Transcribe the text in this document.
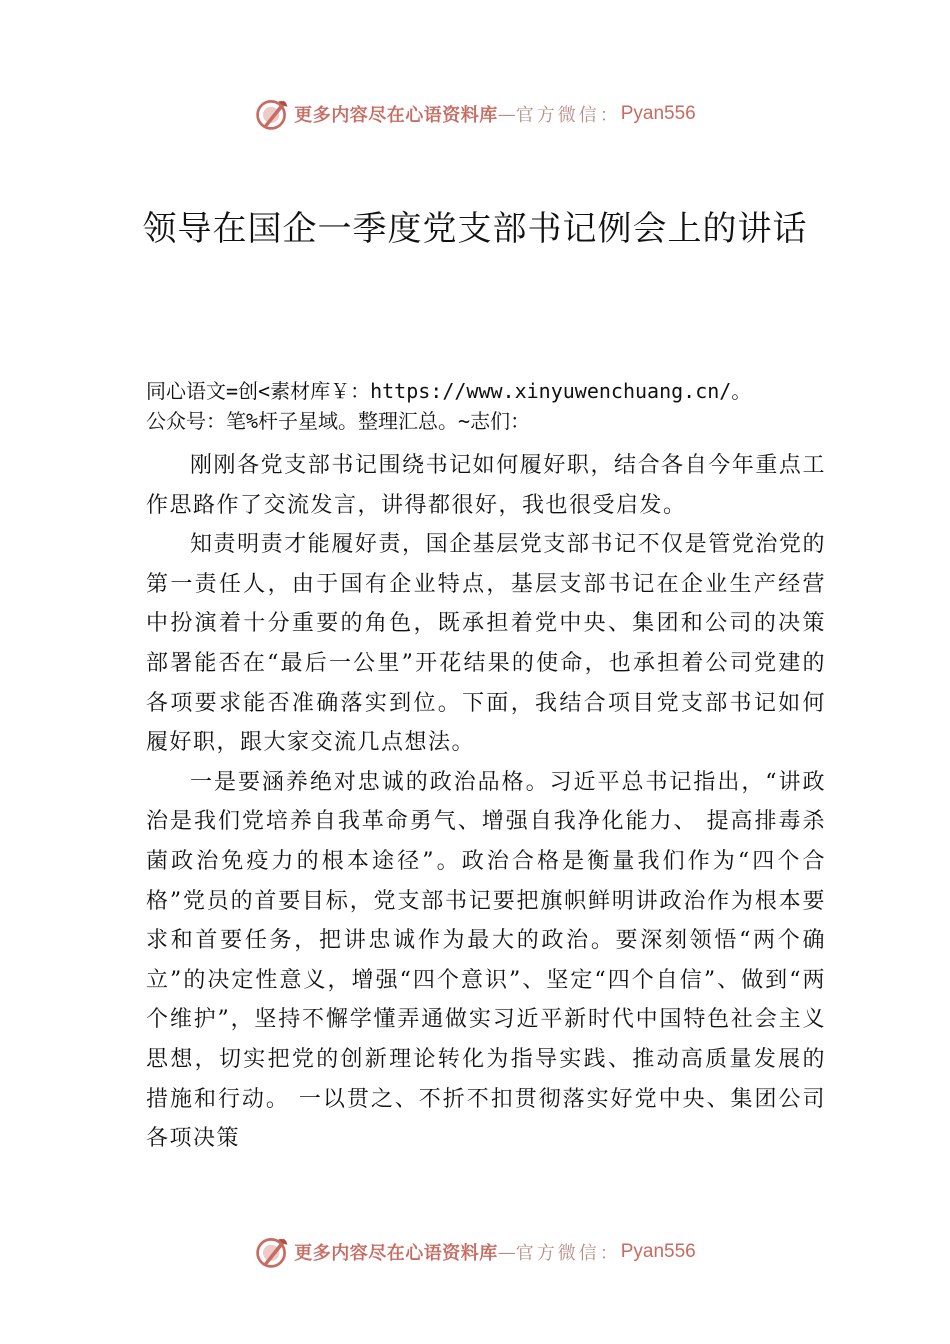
更多内容尽在心语资料库 — 官方微信： Pyan556
领导在国企一季度党支部书记例会上的讲话

同心语文=创<素材库￥：https://www.xinyuwenchuang.cn/。
公众号：笔%杆子星域。整理汇总。~志们：

刚刚各党支部书记围绕书记如何履好职，结合各自今年重点工作思路作了交流发言，讲得都很好，我也很受启发。

知责明责才能履好责，国企基层党支部书记不仅是管党治党的第一责任人，由于国有企业特点，基层支部书记在企业生产经营中扮演着十分重要的角色，既承担着党中央、集团和公司的决策部署能否在“最后一公里”开花结果的使命，也承担着公司党建的各项要求能否准确落实到位。下面，我结合项目党支部书记如何履好职，跟大家交流几点想法。

一是要涵养绝对忠诚的政治品格。习近平总书记指出，“讲政治是我们党培养自我革命勇气、增强自我净化能力、 提高排毒杀菌政治免疫力的根本途径”。政治合格是衡量我们作为“四个合格”党员的首要目标，党支部书记要把旗帜鲜明讲政治作为根本要求和首要任务，把讲忠诚作为最大的政治。要深刻领悟“两个确立”的决定性意义，增强“四个意识”、坚定“四个自信”、做到“两个维护”，坚持不懈学懂弄通做实习近平新时代中国特色社会主义思想，切实把党的创新理论转化为指导实践、推动高质量发展的措施和行动。 一以贯之、不折不扣贯彻落实好党中央、集团公司各项决策

更多内容尽在心语资料库 — 官方微信： Pyan556
